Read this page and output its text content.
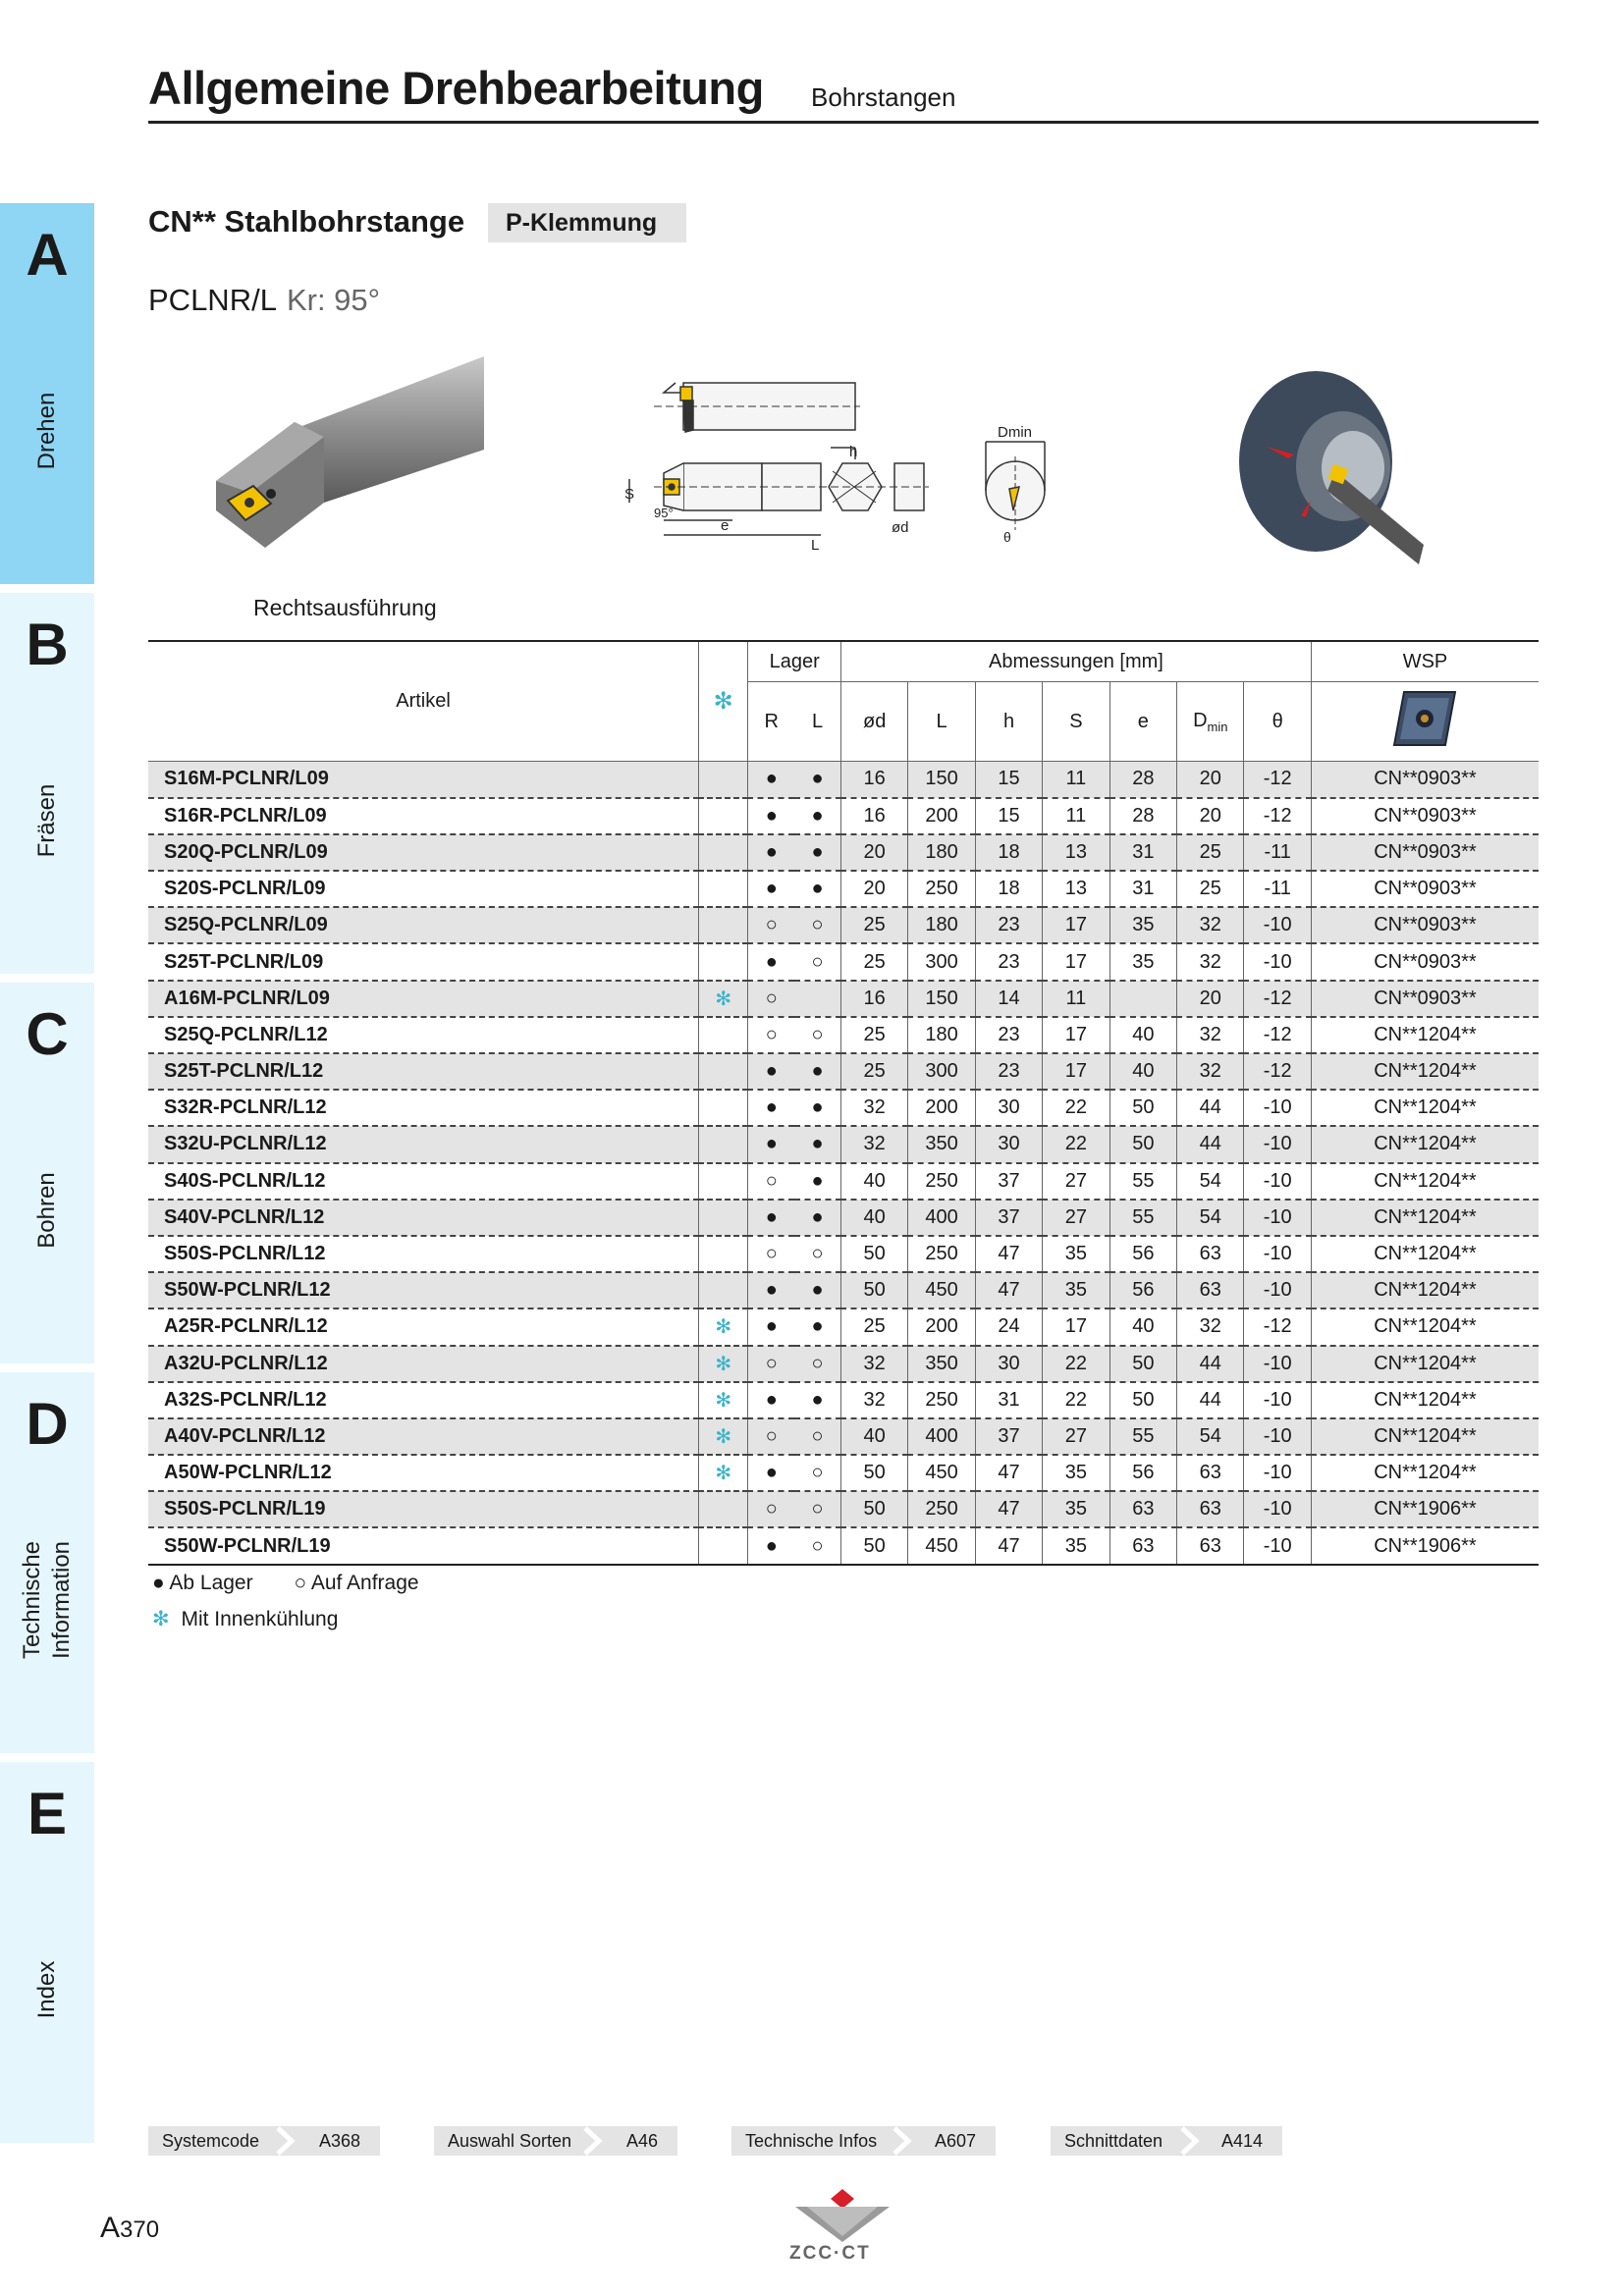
Allgemeine Drehbearbeitung Bohrstangen
A
Drehen
B
Fräsen
C
Bohren
D
Technische Information
E
Index
CN** Stahlbohrstange	P-Klemmung
PCLNR/L Kr: 95°
Rechtsausführung
h
S
95°
e	ød
L
Dmin
θ
Artikel	✻	Lager		Abmessungen [mm]							WSP
		R	L	ød	L	h	S	e	$D_{min}$	θ	
S16M-PCLNR/L09		●	●	16	150	15	11	28	20	-12	CN**0903**
S16R-PCLNR/L09		●	●	16	200	15	11	28	20	-12	CN**0903**
S20Q-PCLNR/L09		●	●	20	180	18	13	31	25	-11	CN**0903**
S20S-PCLNR/L09		●	●	20	250	18	13	31	25	-11	CN**0903**
S25Q-PCLNR/L09		○	○	25	180	23	17	35	32	-10	CN**0903**
S25T-PCLNR/L09		●	○	25	300	23	17	35	32	-10	CN**0903**
A16M-PCLNR/L09	✻	○		16	150	14	11		20	-12	CN**0903**
S25Q-PCLNR/L12		○	○	25	180	23	17	40	32	-12	CN**1204**
S25T-PCLNR/L12		●	●	25	300	23	17	40	32	-12	CN**1204**
S32R-PCLNR/L12		●	●	32	200	30	22	50	44	-10	CN**1204**
S32U-PCLNR/L12		●	●	32	350	30	22	50	44	-10	CN**1204**
S40S-PCLNR/L12		○	●	40	250	37	27	55	54	-10	CN**1204**
S40V-PCLNR/L12		●	●	40	400	37	27	55	54	-10	CN**1204**
S50S-PCLNR/L12		○	○	50	250	47	35	56	63	-10	CN**1204**
S50W-PCLNR/L12		●	●	50	450	47	35	56	63	-10	CN**1204**
A25R-PCLNR/L12	✻	●	●	25	200	24	17	40	32	-12	CN**1204**
A32U-PCLNR/L12	✻	○	○	32	350	30	22	50	44	-10	CN**1204**
A32S-PCLNR/L12	✻	●	●	32	250	31	22	50	44	-10	CN**1204**
A40V-PCLNR/L12	✻	○	○	40	400	37	27	55	54	-10	CN**1204**
A50W-PCLNR/L12	✻	●	○	50	450	47	35	56	63	-10	CN**1204**
S50S-PCLNR/L19		○	○	50	250	47	35	63	63	-10	CN**1906**
S50W-PCLNR/L19		●	○	50	450	47	35	63	63	-10	CN**1906**
● Ab Lager ○ Auf Anfrage
✻ Mit Innenkühlung
Systemcode	A368	Auswahl Sorten	A46	Technische Infos	A607	Schnittdaten	A414
A370
ZCC·CT
